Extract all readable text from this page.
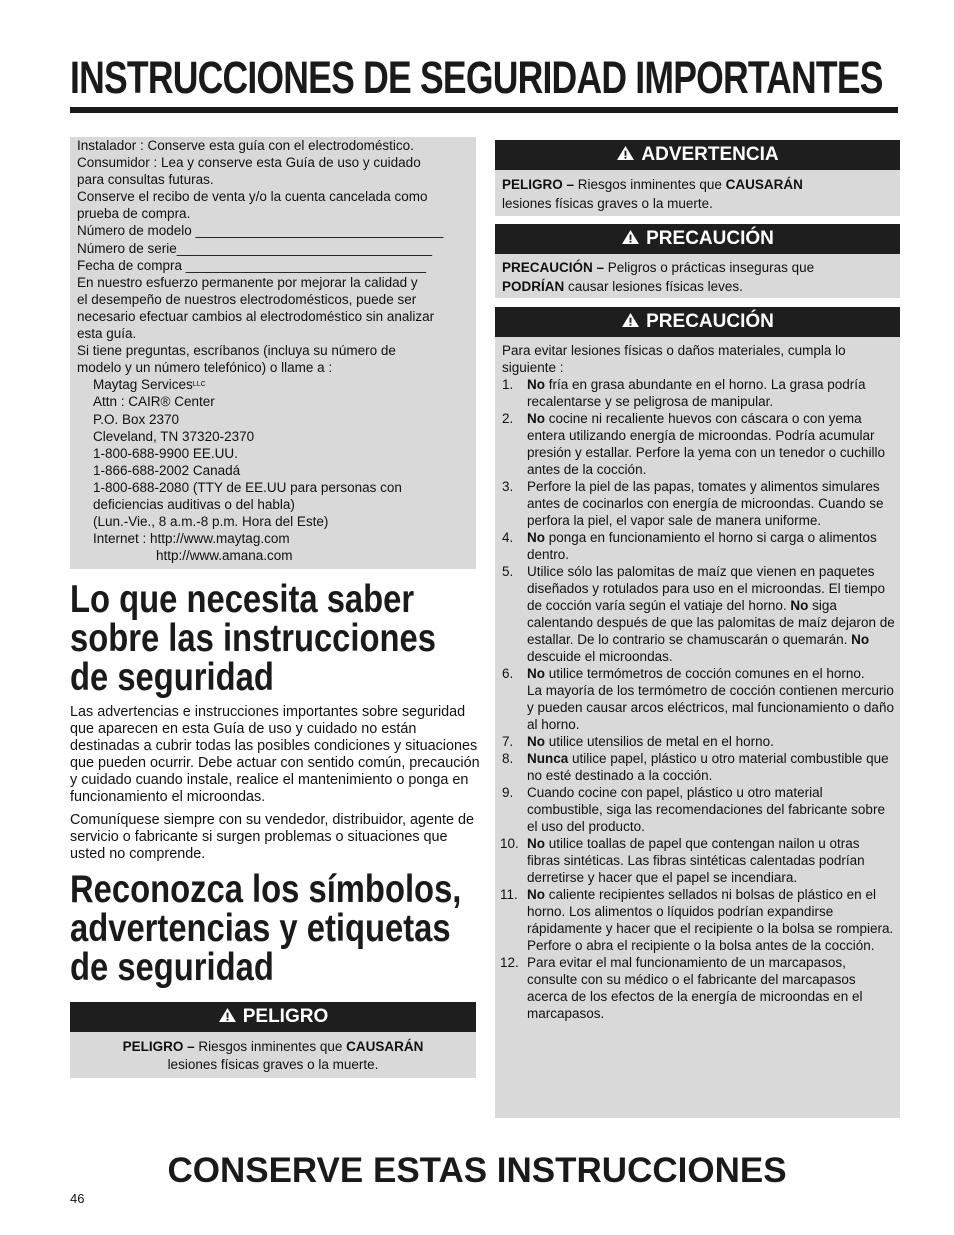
INSTRUCCIONES DE SEGURIDAD IMPORTANTES
Instalador : Conserve esta guía con el electrodoméstico.
Consumidor : Lea y conserve esta Guía de uso y cuidado
para consultas futuras.
Conserve el recibo de venta y/o la cuenta cancelada como
prueba de compra.
Número de modelo _________________________________
Número de serie__________________________________
Fecha de compra ________________________________
En nuestro esfuerzo permanente por mejorar la calidad y
el desempeño de nuestros electrodomésticos, puede ser
necesario efectuar cambios al electrodoméstico sin analizar
esta guía.
Si tiene preguntas, escríbanos (incluya su número de
modelo y un número telefónico) o llame a :
Maytag Services$^{LLC}$
Attn : CAIR® Center
P.O. Box 2370
Cleveland, TN 37320-2370
1-800-688-9900 EE.UU.
1-866-688-2002 Canadá
1-800-688-2080 (TTY de EE.UU para personas con
deficiencias auditivas o del habla)
(Lun.-Vie., 8 a.m.-8 p.m. Hora del Este)
Internet : http://www.maytag.com
http://www.amana.com
Lo que necesita saber
sobre las instrucciones
de seguridad
Las advertencias e instrucciones importantes sobre seguridad que aparecen en esta Guía de uso y cuidado no están destinadas a cubrir todas las posibles condiciones y situaciones que pueden ocurrir. Debe actuar con sentido común, precaución y cuidado cuando instale, realice el mantenimiento o ponga en funcionamiento el microondas.
Comuníquese siempre con su vendedor, distribuidor, agente de servicio o fabricante si surgen problemas o situaciones que usted no comprende.
Reconozca los símbolos,
advertencias y etiquetas
de seguridad
PELIGRO
PELIGRO – Riesgos inminentes que CAUSARÁN
lesiones físicas graves o la muerte.
ADVERTENCIA
PELIGRO – Riesgos inminentes que CAUSARÁN
lesiones físicas graves o la muerte.
PRECAUCIÓN
PRECAUCIÓN – Peligros o prácticas inseguras que
PODRÍAN causar lesiones físicas leves.
PRECAUCIÓN
Para evitar lesiones físicas o daños materiales, cumpla lo siguiente :
1. No fría en grasa abundante en el horno. La grasa podría recalentarse y se peligrosa de manipular.
2. No cocine ni recaliente huevos con cáscara o con yema entera utilizando energía de microondas. Podría acumular presión y estallar. Perfore la yema con un tenedor o cuchillo antes de la cocción.
3. Perfore la piel de las papas, tomates y alimentos simulares antes de cocinarlos con energía de microondas. Cuando se perfora la piel, el vapor sale de manera uniforme.
4. No ponga en funcionamiento el horno si carga o alimentos dentro.
5. Utilice sólo las palomitas de maíz que vienen en paquetes diseñados y rotulados para uso en el microondas. El tiempo de cocción varía según el vatiaje del horno. No siga calentando después de que las palomitas de maíz dejaron de estallar. De lo contrario se chamuscarán o quemarán. No descuide el microondas.
6. No utilice termómetros de cocción comunes en el horno.
La mayoría de los termómetro de cocción contienen mercurio y pueden causar arcos eléctricos, mal funcionamiento o daño al horno.
7. No utilice utensilios de metal en el horno.
8. Nunca utilice papel, plástico u otro material combustible que no esté destinado a la cocción.
9. Cuando cocine con papel, plástico u otro material combustible, siga las recomendaciones del fabricante sobre el uso del producto.
10. No utilice toallas de papel que contengan nailon u otras fibras sintéticas. Las fibras sintéticas calentadas podrían derretirse y hacer que el papel se incendiara.
11. No caliente recipientes sellados ni bolsas de plástico en el horno. Los alimentos o líquidos podrían expandirse rápidamente y hacer que el recipiente o la bolsa se rompiera. Perfore o abra el recipiente o la bolsa antes de la cocción.
12. Para evitar el mal funcionamiento de un marcapasos, consulte con su médico o el fabricante del marcapasos acerca de los efectos de la energía de microondas en el marcapasos.
CONSERVE ESTAS INSTRUCCIONES
46
